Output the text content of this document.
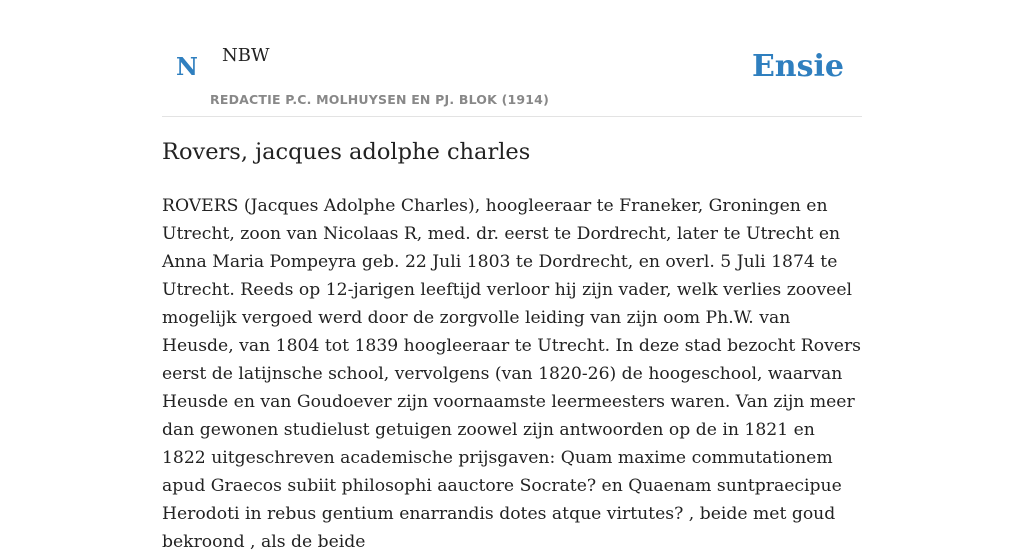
N NBW
REDACTIE P.C. MOLHUYSEN EN PJ. BLOK (1914)
Ensie
Rovers, jacques adolphe charles

ROVERS (Jacques Adolphe Charles), hoogleeraar te Franeker, Groningen en Utrecht, zoon van Nicolaas R, med. dr. eerst te Dordrecht, later te Utrecht en Anna Maria Pompeyra geb. 22 Juli 1803 te Dordrecht, en overl. 5 Juli 1874 te Utrecht. Reeds op 12-jarigen leeftijd verloor hij zijn vader, welk verlies zooveel mogelijk vergoed werd door de zorgvolle leiding van zijn oom Ph.W. van Heusde, van 1804 tot 1839 hoogleeraar te Utrecht. In deze stad bezocht Rovers eerst de latijnsche school, vervolgens (van 1820-26) de hoogeschool, waarvan Heusde en van Goudoever zijn voornaamste leermeesters waren. Van zijn meer dan gewonen studielust getuigen zoowel zijn antwoorden op de in 1821 en 1822 uitgeschreven academische prijsgaven: Quam maxime commutationem apud Graecos subiit philosophi aauctore Socrate? en Quaenam suntpraecipue Herodoti in rebus gentium enarrandis dotes atque virtutes? , beide met goud bekroond , als de beide
